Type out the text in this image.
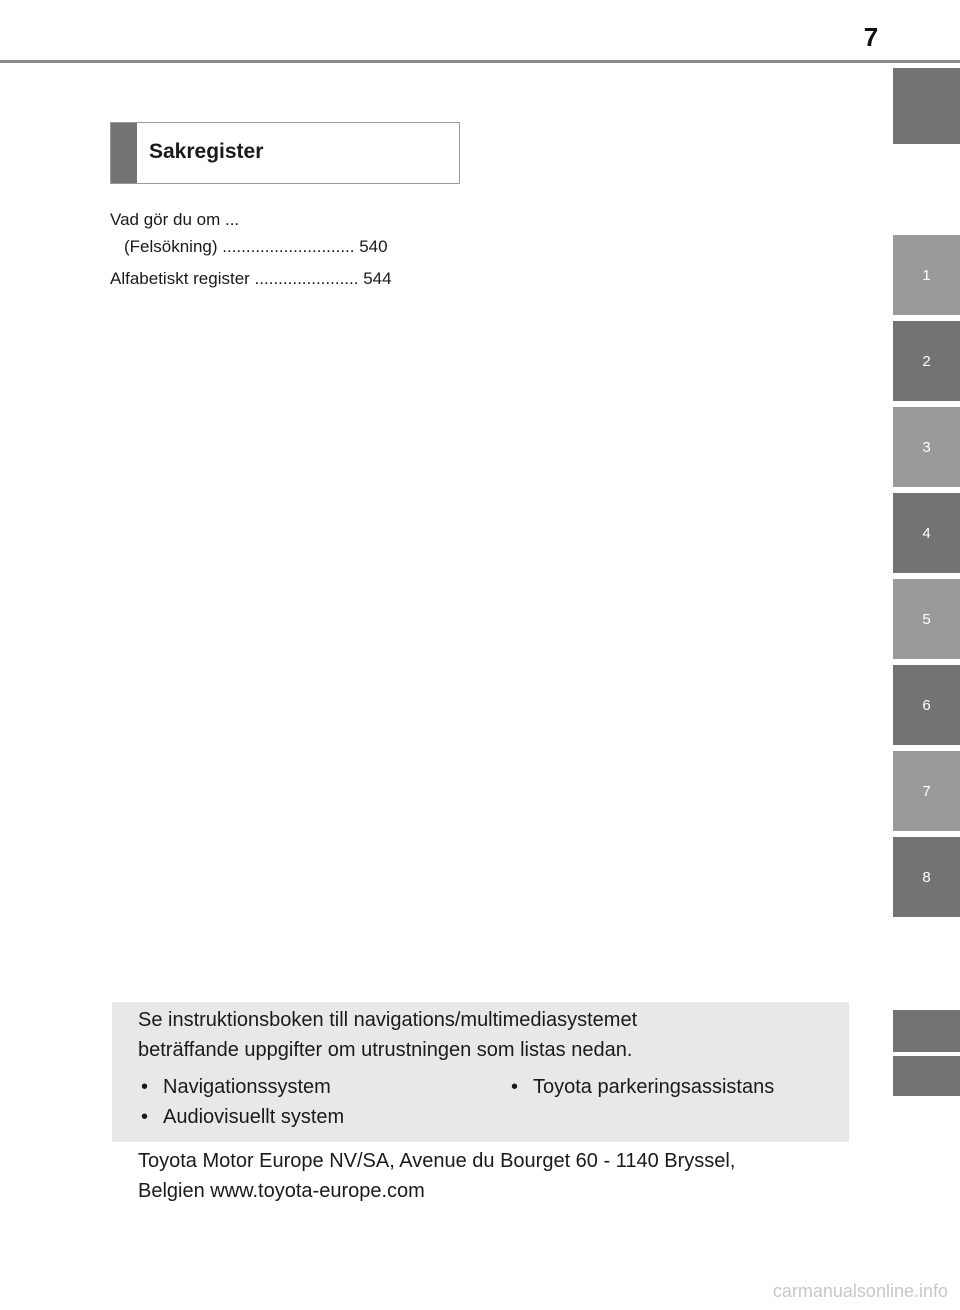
7
1
2
3
4
5
6
7
8
Sakregister
Vad gör du om ...
(Felsökning) ............................ 540
Alfabetiskt register ...................... 544
Se instruktionsboken till navigations/multimediasystemet
beträffande uppgifter om utrustningen som listas nedan.
• Navigationssystem
• Audiovisuellt system
• Toyota parkeringsassistans
Toyota Motor Europe NV/SA, Avenue du Bourget 60 - 1140 Bryssel,
Belgien www.toyota-europe.com
carmanualsonline.info
